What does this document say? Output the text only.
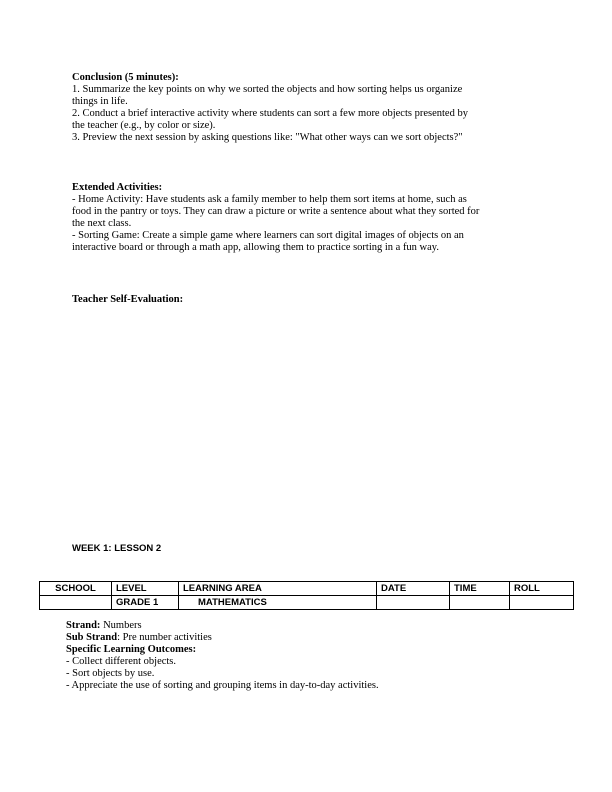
Conclusion (5 minutes):
1. Summarize the key points on why we sorted the objects and how sorting helps us organize
things in life.
2. Conduct a brief interactive activity where students can sort a few more objects presented by
the teacher (e.g., by color or size).
3. Preview the next session by asking questions like: "What other ways can we sort objects?"
Extended Activities:
- Home Activity: Have students ask a family member to help them sort items at home, such as
food in the pantry or toys. They can draw a picture or write a sentence about what they sorted for
the next class.
- Sorting Game: Create a simple game where learners can sort digital images of objects on an
interactive board or through a math app, allowing them to practice sorting in a fun way.
Teacher Self-Evaluation:
WEEK 1: LESSON 2
SCHOOL	LEVEL	LEARNING AREA	DATE	TIME	ROLL
	GRADE 1	MATHEMATICS			
Strand: Numbers
Sub Strand: Pre number activities
Specific Learning Outcomes:
- Collect different objects.
- Sort objects by use.
- Appreciate the use of sorting and grouping items in day-to-day activities.
